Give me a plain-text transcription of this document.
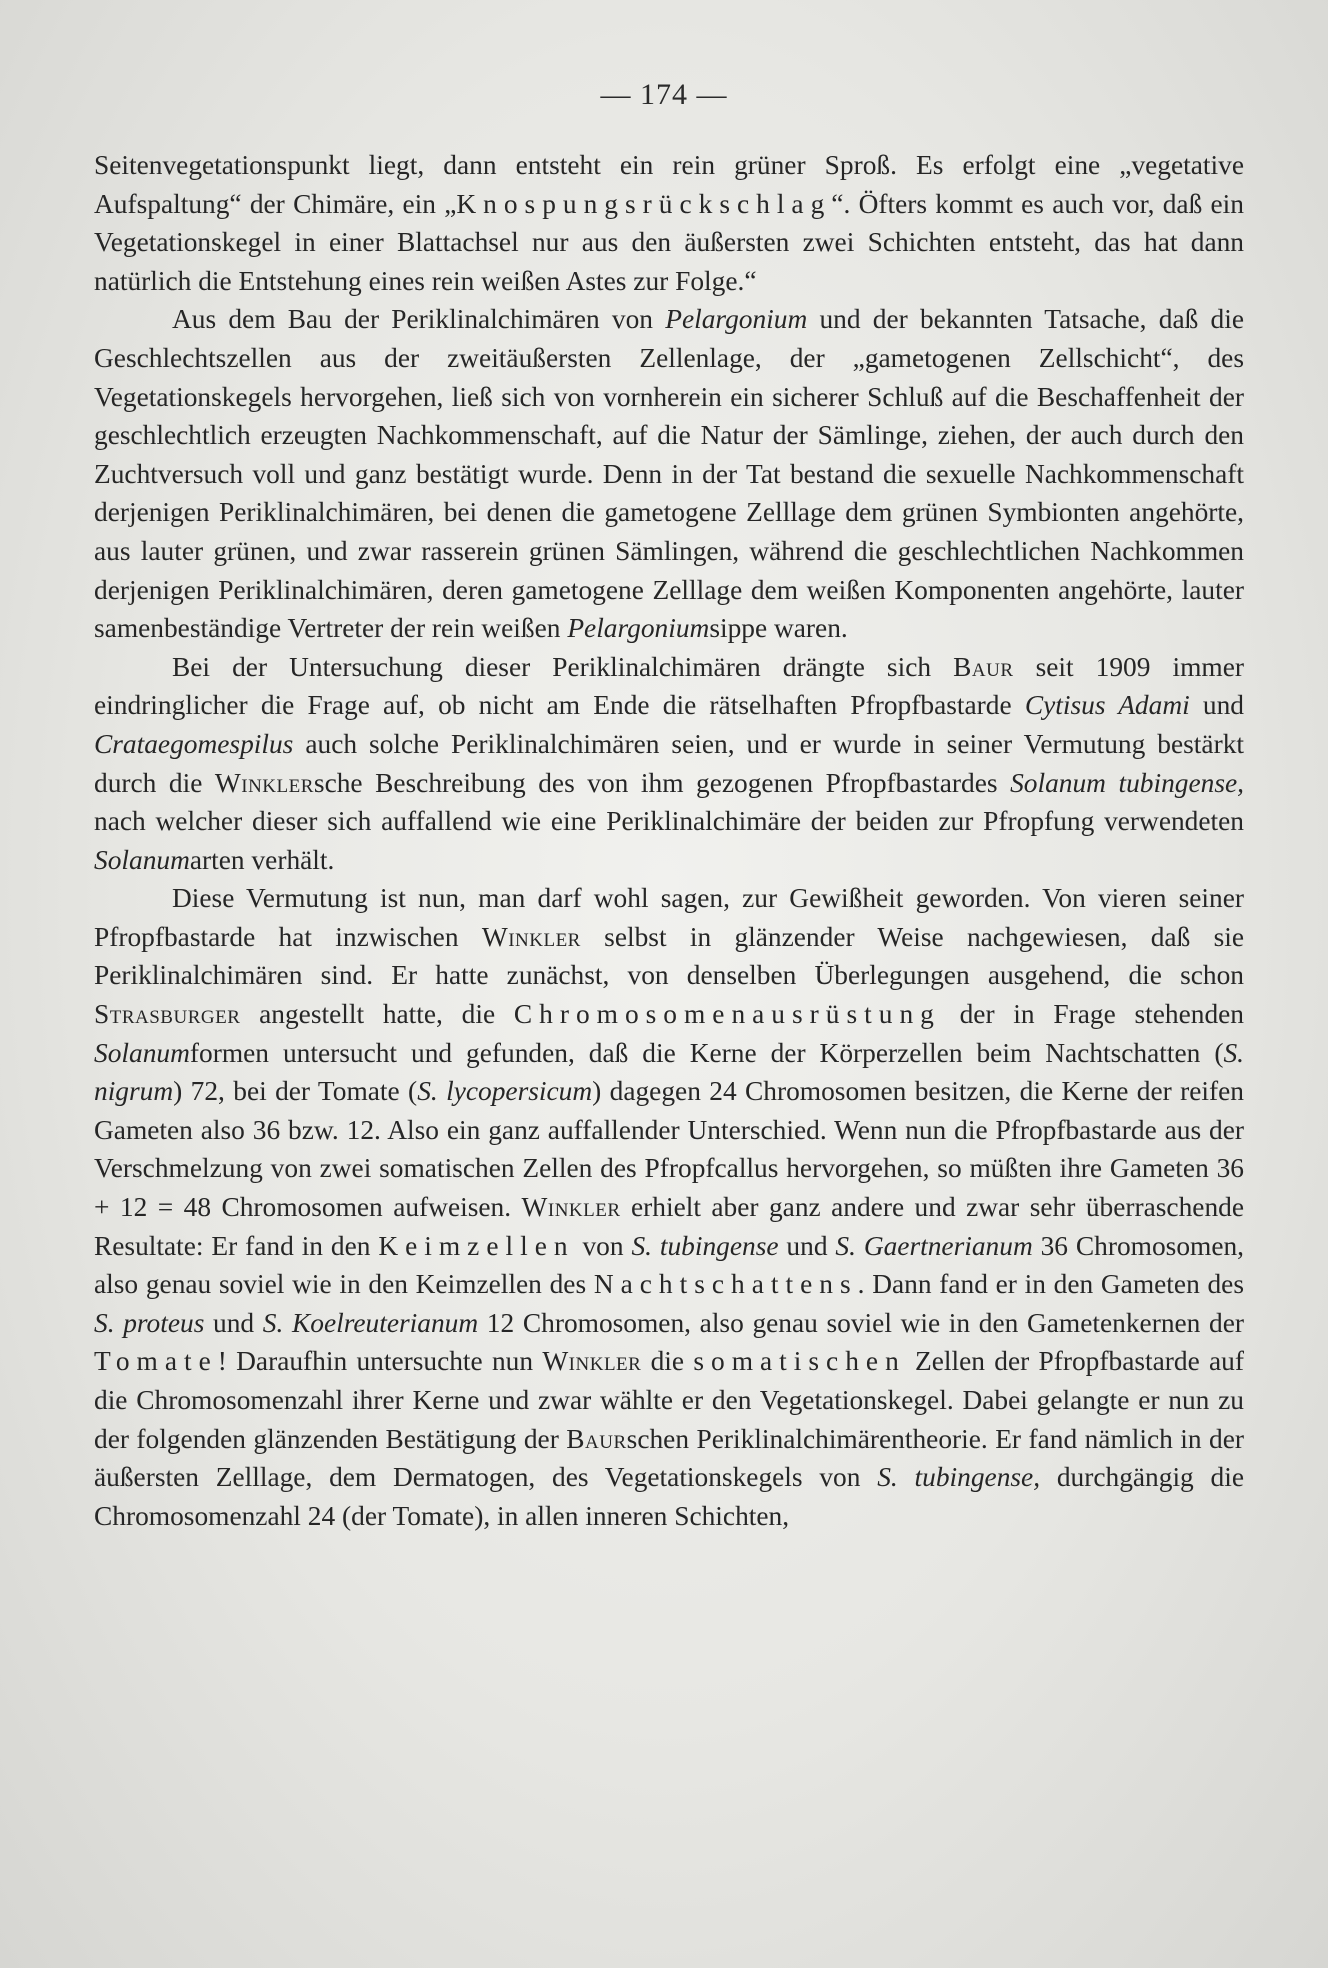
— 174 —

Seitenvegetationspunkt liegt, dann entsteht ein rein grüner Sproß. Es erfolgt eine „vegetative Aufspaltung“ der Chimäre, ein „Knospungsrückschlag“. Öfters kommt es auch vor, daß ein Vegetationskegel in einer Blattachsel nur aus den äußersten zwei Schichten entsteht, das hat dann natürlich die Entstehung eines rein weißen Astes zur Folge.“

Aus dem Bau der Periklinalchimären von Pelargonium und der bekannten Tatsache, daß die Geschlechtszellen aus der zweitäußersten Zellenlage, der „gametogenen Zellschicht“, des Vegetationskegels hervorgehen, ließ sich von vornherein ein sicherer Schluß auf die Beschaffenheit der geschlechtlich erzeugten Nachkommenschaft, auf die Natur der Sämlinge, ziehen, der auch durch den Zuchtversuch voll und ganz bestätigt wurde. Denn in der Tat bestand die sexuelle Nachkommenschaft derjenigen Periklinalchimären, bei denen die gametogene Zelllage dem grünen Symbionten angehörte, aus lauter grünen, und zwar rasserein grünen Sämlingen, während die geschlechtlichen Nachkommen derjenigen Periklinalchimären, deren gametogene Zelllage dem weißen Komponenten angehörte, lauter samenbeständige Vertreter der rein weißen Pelargoniumsippe waren.

Bei der Untersuchung dieser Periklinalchimären drängte sich Baur seit 1909 immer eindringlicher die Frage auf, ob nicht am Ende die rätselhaften Pfropfbastarde Cytisus Adami und Crataegomespilus auch solche Periklinalchimären seien, und er wurde in seiner Vermutung bestärkt durch die Winklersche Beschreibung des von ihm gezogenen Pfropfbastardes Solanum tubingense, nach welcher dieser sich auffallend wie eine Periklinalchimäre der beiden zur Pfropfung verwendeten Solanumarten verhält.

Diese Vermutung ist nun, man darf wohl sagen, zur Gewißheit geworden. Von vieren seiner Pfropfbastarde hat inzwischen Winkler selbst in glänzender Weise nachgewiesen, daß sie Periklinalchimären sind. Er hatte zunächst, von denselben Überlegungen ausgehend, die schon Strasburger angestellt hatte, die Chromosomenausrüstung der in Frage stehenden Solanumformen untersucht und gefunden, daß die Kerne der Körperzellen beim Nachtschatten (S. nigrum) 72, bei der Tomate (S. lycopersicum) dagegen 24 Chromosomen besitzen, die Kerne der reifen Gameten also 36 bzw. 12. Also ein ganz auffallender Unterschied. Wenn nun die Pfropfbastarde aus der Verschmelzung von zwei somatischen Zellen des Pfropfcallus hervorgehen, so müßten ihre Gameten 36 + 12 = 48 Chromosomen aufweisen. Winkler erhielt aber ganz andere und zwar sehr überraschende Resultate: Er fand in den Keimzellen von S. tubingense und S. Gaertnerianum 36 Chromosomen, also genau soviel wie in den Keimzellen des Nachtschattens. Dann fand er in den Gameten des S. proteus und S. Koelreuterianum 12 Chromosomen, also genau soviel wie in den Gametenkernen der Tomate! Daraufhin untersuchte nun Winkler die somatischen Zellen der Pfropfbastarde auf die Chromosomenzahl ihrer Kerne und zwar wählte er den Vegetationskegel. Dabei gelangte er nun zu der folgenden glänzenden Bestätigung der Baurschen Periklinalchimärentheorie. Er fand nämlich in der äußersten Zelllage, dem Dermatogen, des Vegetationskegels von S. tubingense, durchgängig die Chromosomenzahl 24 (der Tomate), in allen inneren Schichten,
